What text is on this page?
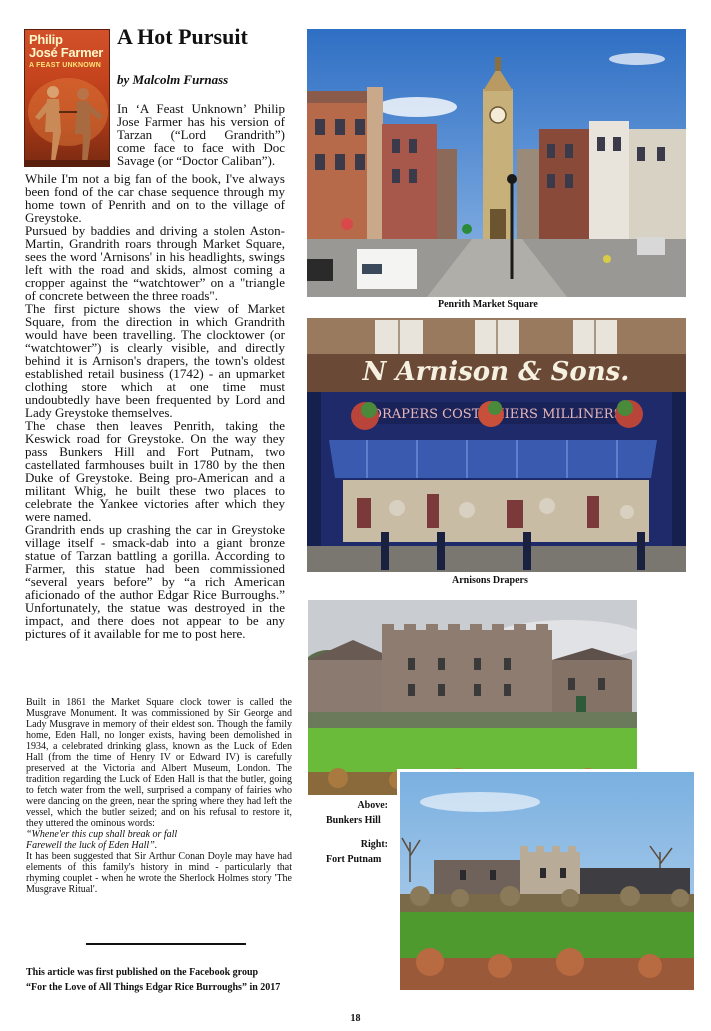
Philip
José Farmer
A FEAST UNKNOWN
A Hot Pursuit
by Malcolm Furnass

In ‘A Feast Unknown’ Philip Jose Farmer has his version of Tarzan (“Lord Grandrith”) come face to face with Doc Savage (or “Doctor Caliban”).

While I'm not a big fan of the book, I've always been fond of the car chase sequence through my home town of Penrith and on to the village of Greystoke.

Pursued by baddies and driving a stolen Aston-Martin, Grandrith roars through Market Square, sees the word 'Arnisons' in his headlights, swings left with the road and skids, almost coming a cropper against the “watchtower” on a "triangle of concrete between the three roads".

The first picture shows the view of Market Square, from the direction in which Grandrith would have been travelling. The clocktower (or “watchtower”) is clearly visible, and directly behind it is Arnison's drapers, the town's oldest established retail business (1742) - an upmarket clothing store which at one time must undoubtedly have been frequented by Lord and Lady Greystoke themselves.

The chase then leaves Penrith, taking the Keswick road for Greystoke. On the way they pass Bunkers Hill and Fort Putnam, two castellated farmhouses built in 1780 by the then Duke of Greystoke. Being pro-American and a militant Whig, he built these two places to celebrate the Yankee victories after which they were named.

Grandrith ends up crashing the car in Greystoke village itself - smack-dab into a giant bronze statue of Tarzan battling a gorilla. According to Farmer, this statue had been commissioned “several years before” by “a rich American aficionado of the author Edgar Rice Burroughs.” Unfortunately, the statue was destroyed in the impact, and there does not appear to be any pictures of it available for me to post here.

Built in 1861 the Market Square clock tower is called the Musgrave Monument. It was commissioned by Sir George and Lady Musgrave in memory of their eldest son. Though the family home, Eden Hall, no longer exists, having been demolished in 1934, a celebrated drinking glass, known as the Luck of Eden Hall (from the time of Henry IV or Edward IV) is carefully preserved at the Victoria and Albert Museum, London. The tradition regarding the Luck of Eden Hall is that the butler, going to fetch water from the well, surprised a company of fairies who were dancing on the green, near the spring where they had left the vessel, which the butler seized; and on his refusal to restore it, they uttered the ominous words:

“Whene'er this cup shall break or fall

Farewell the luck of Eden Hall”.

It has been suggested that Sir Arthur Conan Doyle may have had elements of this family's history in mind - particularly that rhyming couplet - when he wrote the Sherlock Holmes story 'The Musgrave Ritual'.

This article was first published on the Facebook group
“For the Love of All Things Edgar Rice Burroughs” in 2017
18
Penrith Market Square
N Arnison & Sons.
DRAPERS MILLINERS
Arnisons Drapers
Above:
Bunkers Hill
Right:
Fort Putnam
